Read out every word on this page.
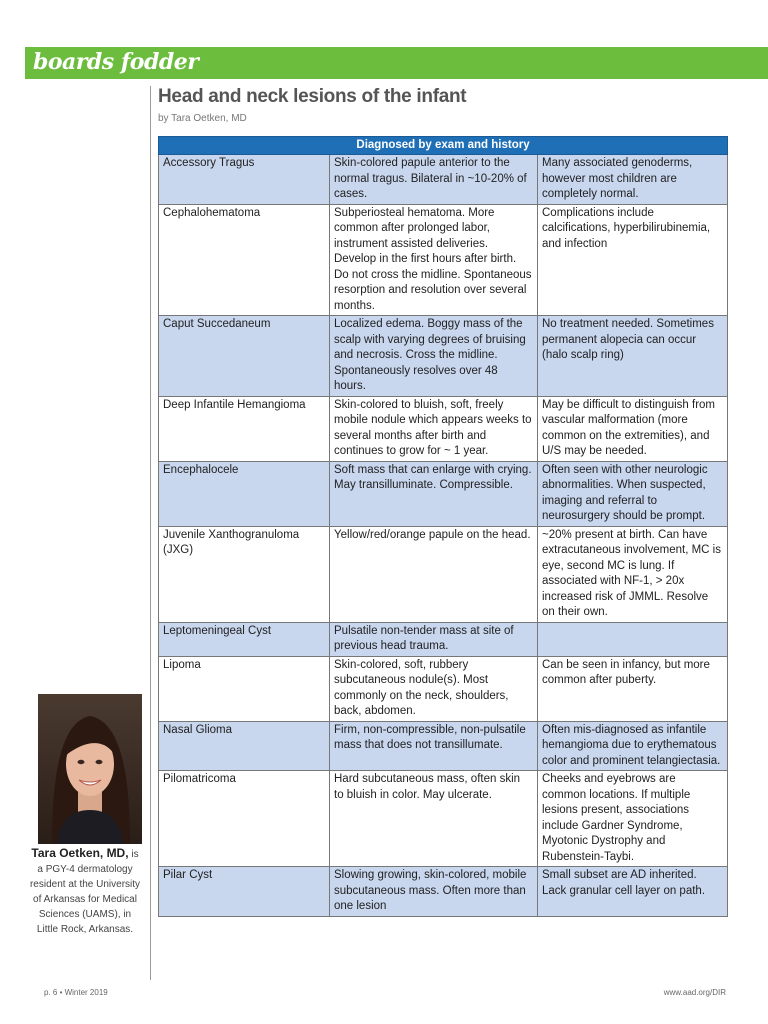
boards fodder
Head and neck lesions of the infant
by Tara Oetken, MD
Diagnosed by exam and history		
Accessory Tragus	Skin-colored papule anterior to the normal tragus. Bilateral in ~10-20% of cases.	Many associated genoderms, however most children are completely normal.
Cephalohematoma	Subperiosteal hematoma. More common after prolonged labor, instrument assisted deliveries. Develop in the first hours after birth. Do not cross the midline. Spontaneous resorption and resolution over several months.	Complications include calcifications, hyperbilirubinemia, and infection
Caput Succedaneum	Localized edema. Boggy mass of the scalp with varying degrees of bruising and necrosis. Cross the midline. Spontaneously resolves over 48 hours.	No treatment needed. Sometimes permanent alopecia can occur (halo scalp ring)
Deep Infantile Hemangioma	Skin-colored to bluish, soft, freely mobile nodule which appears weeks to several months after birth and continues to grow for ~ 1 year.	May be difficult to distinguish from vascular malformation (more common on the extremities), and U/S may be needed.
Encephalocele	Soft mass that can enlarge with crying. May transilluminate. Compressible.	Often seen with other neurologic abnormalities. When suspected, imaging and referral to neurosurgery should be prompt.
Juvenile Xanthogranuloma (JXG)	Yellow/red/orange papule on the head.	~20% present at birth. Can have extracutaneous involvement, MC is eye, second MC is lung. If associated with NF-1, > 20x increased risk of JMML. Resolve on their own.
Leptomeningeal Cyst	Pulsatile non-tender mass at site of previous head trauma.	
Lipoma	Skin-colored, soft, rubbery subcutaneous nodule(s). Most commonly on the neck, shoulders, back, abdomen.	Can be seen in infancy, but more common after puberty.
Nasal Glioma	Firm, non-compressible, non-pulsatile mass that does not transillumate.	Often mis-diagnosed as infantile hemangioma due to erythematous color and prominent telangiectasia.
Pilomatricoma	Hard subcutaneous mass, often skin to bluish in color. May ulcerate.	Cheeks and eyebrows are common locations. If multiple lesions present, associations include Gardner Syndrome, Myotonic Dystrophy and Rubenstein-Taybi.
Pilar Cyst	Slowing growing, skin-colored, mobile subcutaneous mass. Often more than one lesion	Small subset are AD inherited. Lack granular cell layer on path.
Tara Oetken, MD, is a PGY-4 dermatology resident at the University of Arkansas for Medical Sciences (UAMS), in Little Rock, Arkansas.
p. 6 • Winter 2019	www.aad.org/DIR
